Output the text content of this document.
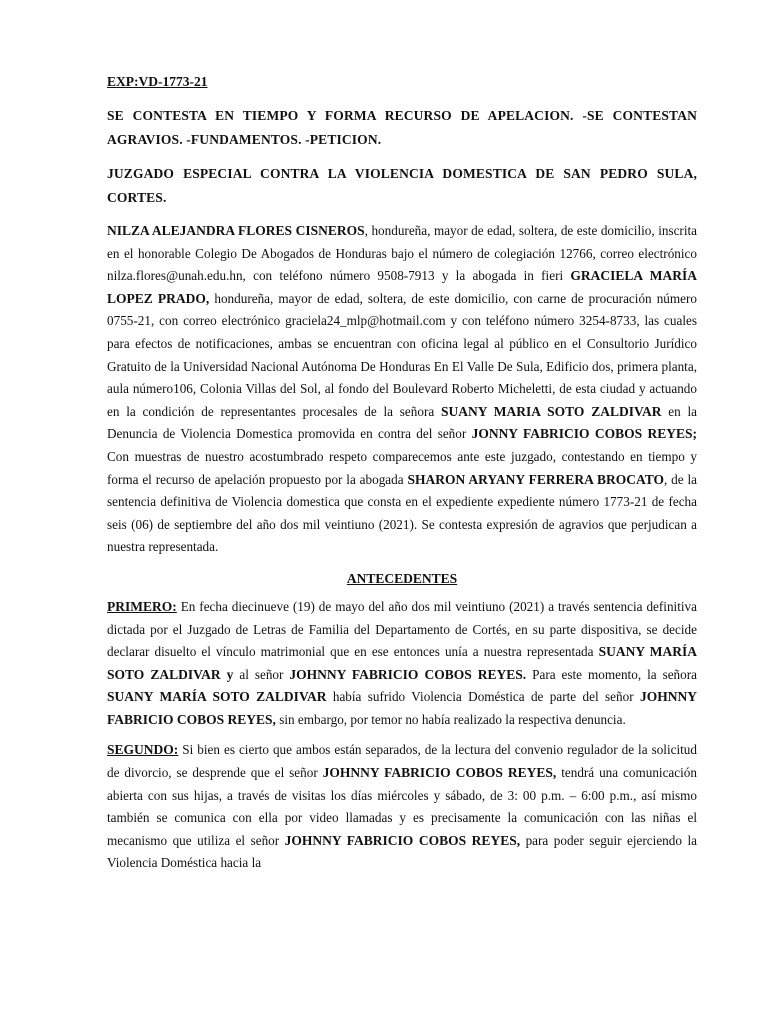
EXP:VD-1773-21

SE CONTESTA EN TIEMPO Y FORMA RECURSO DE APELACION. -SE CONTESTAN AGRAVIOS. -FUNDAMENTOS. -PETICION.

JUZGADO ESPECIAL CONTRA LA VIOLENCIA DOMESTICA DE SAN PEDRO SULA, CORTES.

NILZA ALEJANDRA FLORES CISNEROS, hondureña, mayor de edad, soltera, de este domicilio, inscrita en el honorable Colegio De Abogados de Honduras bajo el número de colegiación 12766, correo electrónico nilza.flores@unah.edu.hn, con teléfono número 9508-7913 y la abogada in fieri GRACIELA MARÍA LOPEZ PRADO, hondureña, mayor de edad, soltera, de este domicilio, con carne de procuración número 0755-21, con correo electrónico graciela24_mlp@hotmail.com y con teléfono número 3254-8733, las cuales para efectos de notificaciones, ambas se encuentran con oficina legal al público en el Consultorio Jurídico Gratuito de la Universidad Nacional Autónoma De Honduras En El Valle De Sula, Edificio dos, primera planta, aula número106, Colonia Villas del Sol, al fondo del Boulevard Roberto Micheletti, de esta ciudad y actuando en la condición de representantes procesales de la señora SUANY MARIA SOTO ZALDIVAR en la Denuncia de Violencia Domestica promovida en contra del señor JONNY FABRICIO COBOS REYES; Con muestras de nuestro acostumbrado respeto comparecemos ante este juzgado, contestando en tiempo y forma el recurso de apelación propuesto por la abogada SHARON ARYANY FERRERA BROCATO, de la sentencia definitiva de Violencia domestica que consta en el expediente expediente número 1773-21 de fecha seis (06) de septiembre del año dos mil veintiuno (2021). Se contesta expresión de agravios que perjudican a nuestra representada.

ANTECEDENTES

PRIMERO: En fecha diecinueve (19) de mayo del año dos mil veintiuno (2021) a través sentencia definitiva dictada por el Juzgado de Letras de Familia del Departamento de Cortés, en su parte dispositiva, se decide declarar disuelto el vínculo matrimonial que en ese entonces unía a nuestra representada SUANY MARÍA SOTO ZALDIVAR y al señor JOHNNY FABRICIO COBOS REYES. Para este momento, la señora SUANY MARÍA SOTO ZALDIVAR había sufrido Violencia Doméstica de parte del señor JOHNNY FABRICIO COBOS REYES, sin embargo, por temor no había realizado la respectiva denuncia.

SEGUNDO: Si bien es cierto que ambos están separados, de la lectura del convenio regulador de la solicitud de divorcio, se desprende que el señor JOHNNY FABRICIO COBOS REYES, tendrá una comunicación abierta con sus hijas, a través de visitas los días miércoles y sábado, de 3: 00 p.m. – 6:00 p.m., así mismo también se comunica con ella por video llamadas y es precisamente la comunicación con las niñas el mecanismo que utiliza el señor JOHNNY FABRICIO COBOS REYES, para poder seguir ejerciendo la Violencia Doméstica hacia la
